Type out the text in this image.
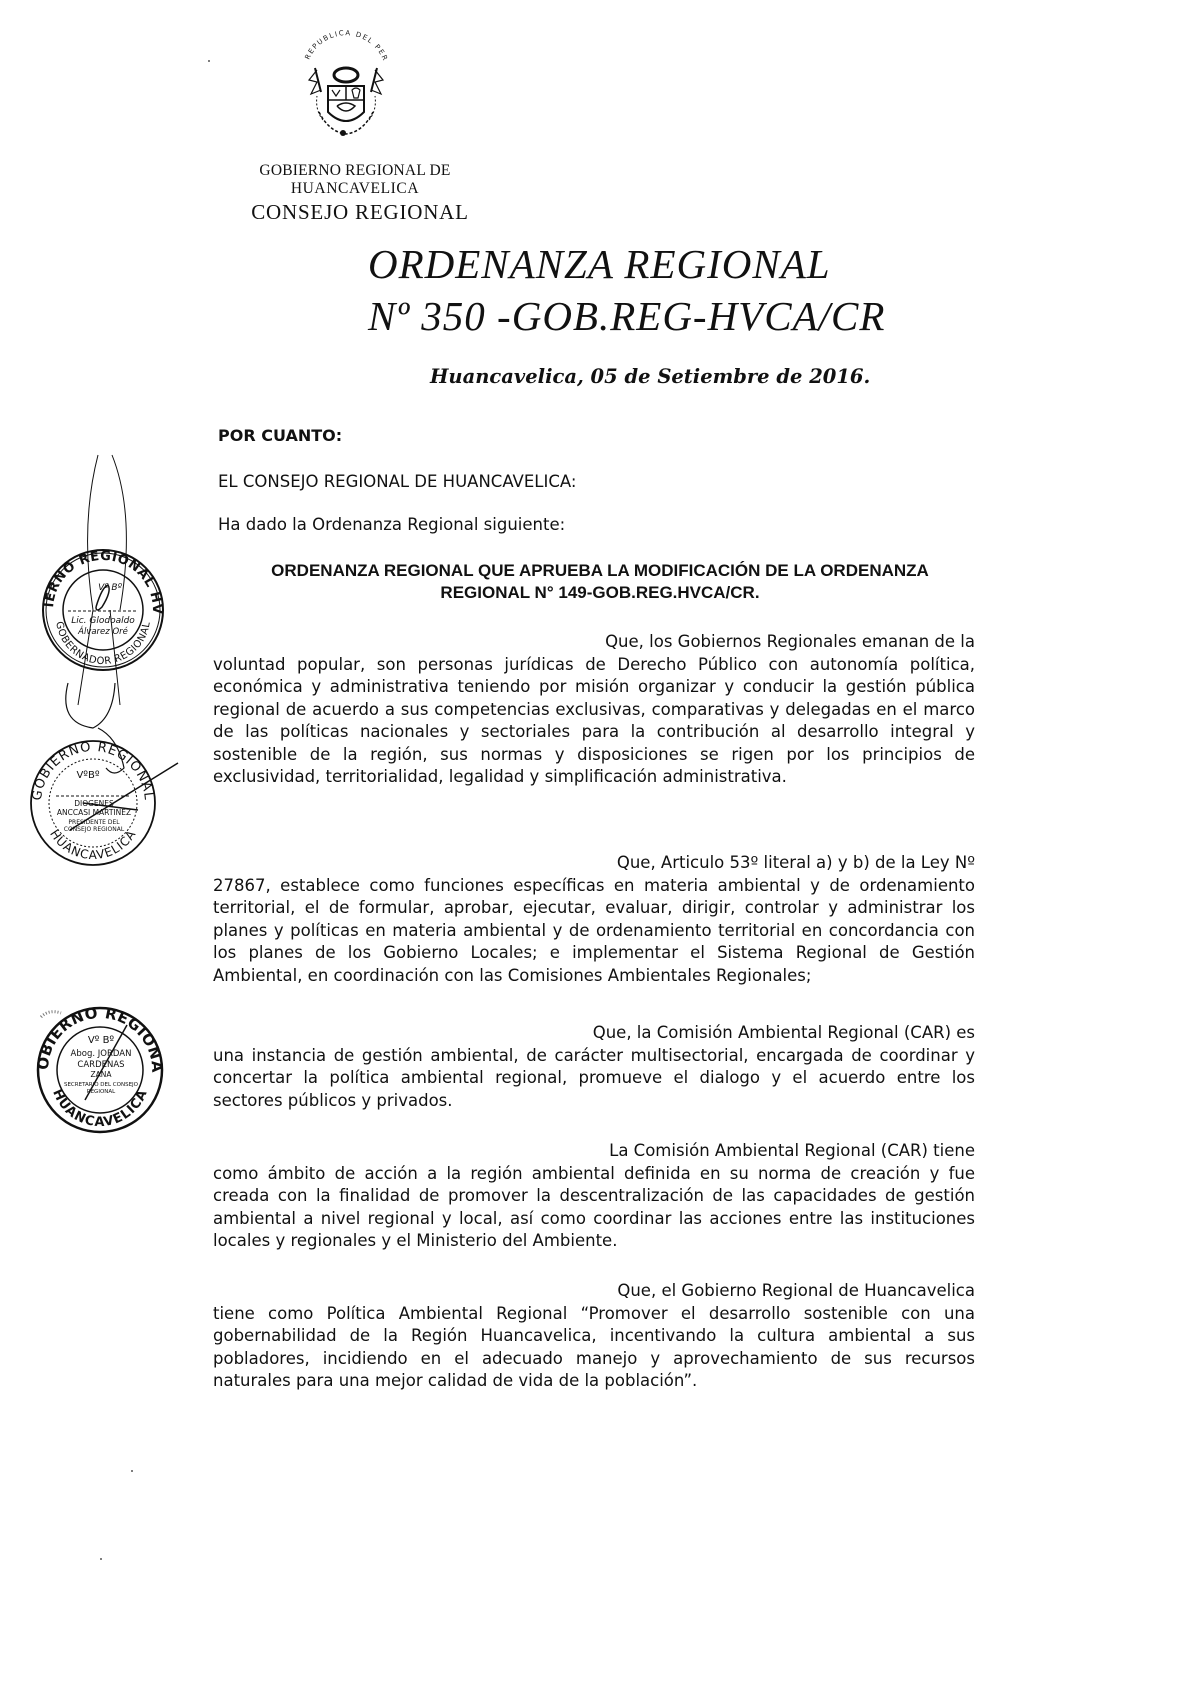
REPUBLICA DEL PER
GOBIERNO REGIONAL DE
HUANCAVELICA
CONSEJO REGIONAL
ORDENANZA REGIONAL
Nº 350 -GOB.REG-HVCA/CR
Huancavelica, 05 de Setiembre de 2016.
POR CUANTO:
EL CONSEJO REGIONAL DE HUANCAVELICA:
Ha dado la Ordenanza Regional siguiente:
ORDENANZA REGIONAL QUE APRUEBA LA MODIFICACIÓN DE LA ORDENANZA
REGIONAL N° 149-GOB.REG.HVCA/CR.
Que, los Gobiernos Regionales emanan de la
voluntad popular, son personas jurídicas de Derecho Público con autonomía política, económica y administrativa teniendo por misión organizar y conducir la gestión pública regional de acuerdo a sus competencias exclusivas, comparativas y delegadas en el marco de las políticas nacionales y sectoriales para la contribución al desarrollo integral y sostenible de la región, sus normas y disposiciones se rigen por los principios de exclusividad, territorialidad, legalidad y simplificación administrativa.
Que, Articulo 53º literal a) y b) de la Ley Nº
27867, establece como funciones específicas en materia ambiental y de ordenamiento territorial, el de formular, aprobar, ejecutar, evaluar, dirigir, controlar y administrar los planes y políticas en materia ambiental y de ordenamiento territorial en concordancia con los planes de los Gobierno Locales; e implementar el Sistema Regional de Gestión Ambiental, en coordinación con las Comisiones Ambientales Regionales;
Que, la Comisión Ambiental Regional (CAR) es
una instancia de gestión ambiental, de carácter multisectorial, encargada de coordinar y concertar la política ambiental regional, promueve el dialogo y el acuerdo entre los sectores públicos y privados.
La Comisión Ambiental Regional (CAR) tiene
como ámbito de acción a la región ambiental definida en su norma de creación y fue creada con la finalidad de promover la descentralización de las capacidades de gestión ambiental a nivel regional y local, así como coordinar las acciones entre las instituciones locales y regionales y el Ministerio del Ambiente.
Que, el Gobierno Regional de Huancavelica
tiene como Política Ambiental Regional “Promover el desarrollo sostenible con una gobernabilidad de la Región Huancavelica, incentivando la cultura ambiental a sus pobladores, incidiendo en el adecuado manejo y aprovechamiento de sus recursos naturales para una mejor calidad de vida de la población”.
GOBIERNO REGIONAL HVCA.
GOBERNADOR REGIONAL
Vº Bº
Lic. Glodoaldo
Álvarez Oré
GOBIERNO REGIONAL
HUANCAVELICA
VºBº
DIOGENES
ANCCASI MARTINEZ
PRESIDENTE DEL
CONSEJO REGIONAL
GOBIERNO REGIONAL
HUANCAVELICA
Vº Bº
Abog. JORDAN
CARDENAS
ZANA
SECRETARIO DEL CONSEJO
REGIONAL
